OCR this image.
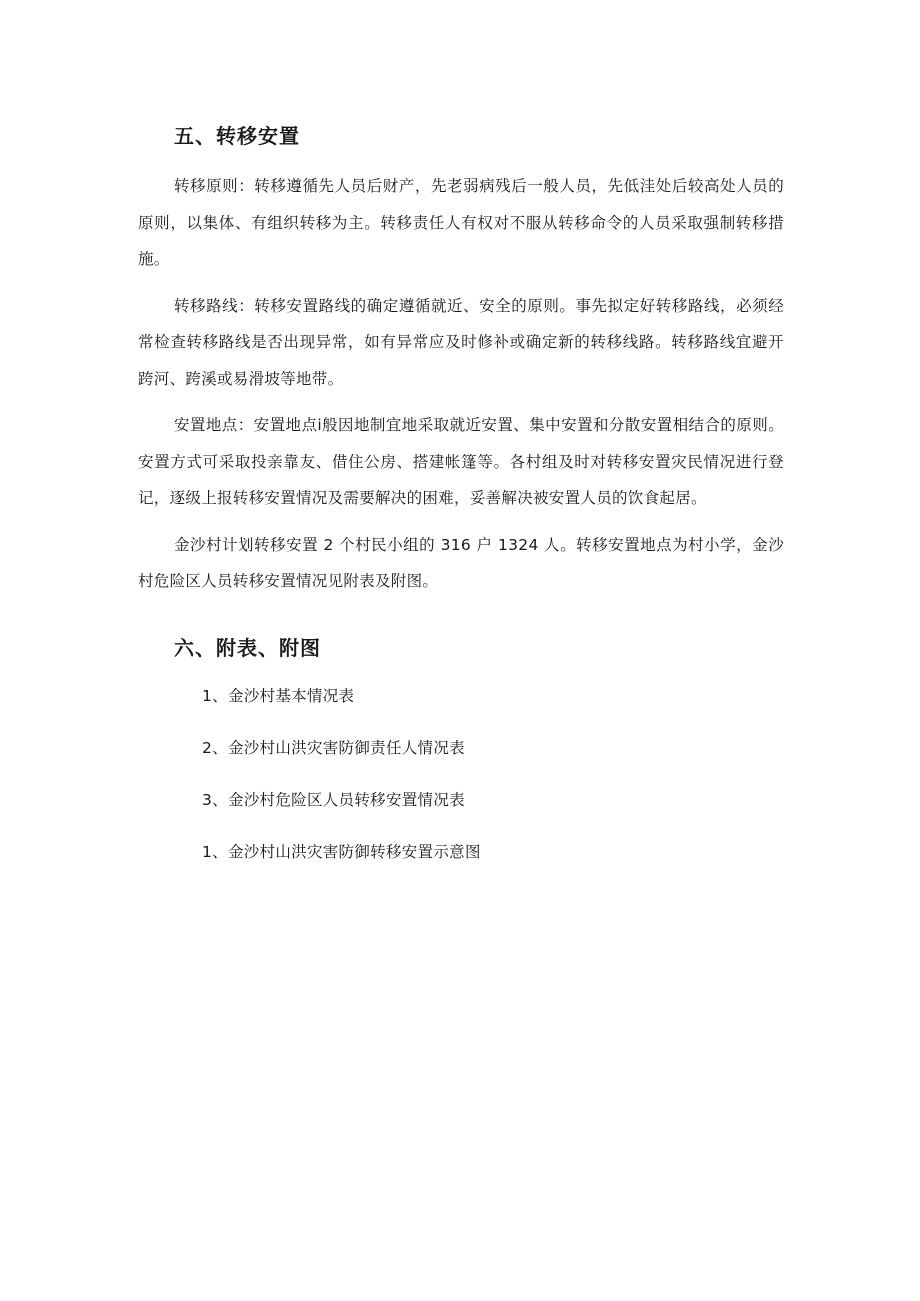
五、转移安置

转移原则：转移遵循先人员后财产，先老弱病残后一般人员，先低洼处后较高处人员的原则，以集体、有组织转移为主。转移责任人有权对不服从转移命令的人员采取强制转移措施。

转移路线：转移安置路线的确定遵循就近、安全的原则。事先拟定好转移路线，必须经常检查转移路线是否出现异常，如有异常应及时修补或确定新的转移线路。转移路线宜避开跨河、跨溪或易滑坡等地带。

安置地点：安置地点ⅰ般因地制宜地采取就近安置、集中安置和分散安置相结合的原则。安置方式可采取投亲靠友、借住公房、搭建帐篷等。各村组及时对转移安置灾民情况进行登记，逐级上报转移安置情况及需要解决的困难，妥善解决被安置人员的饮食起居。

金沙村计划转移安置 2 个村民小组的 316 户 1324 人。转移安置地点为村小学，金沙村危险区人员转移安置情况见附表及附图。

六、附表、附图
1、金沙村基本情况表
2、金沙村山洪灾害防御责任人情况表
3、金沙村危险区人员转移安置情况表
1、金沙村山洪灾害防御转移安置示意图
